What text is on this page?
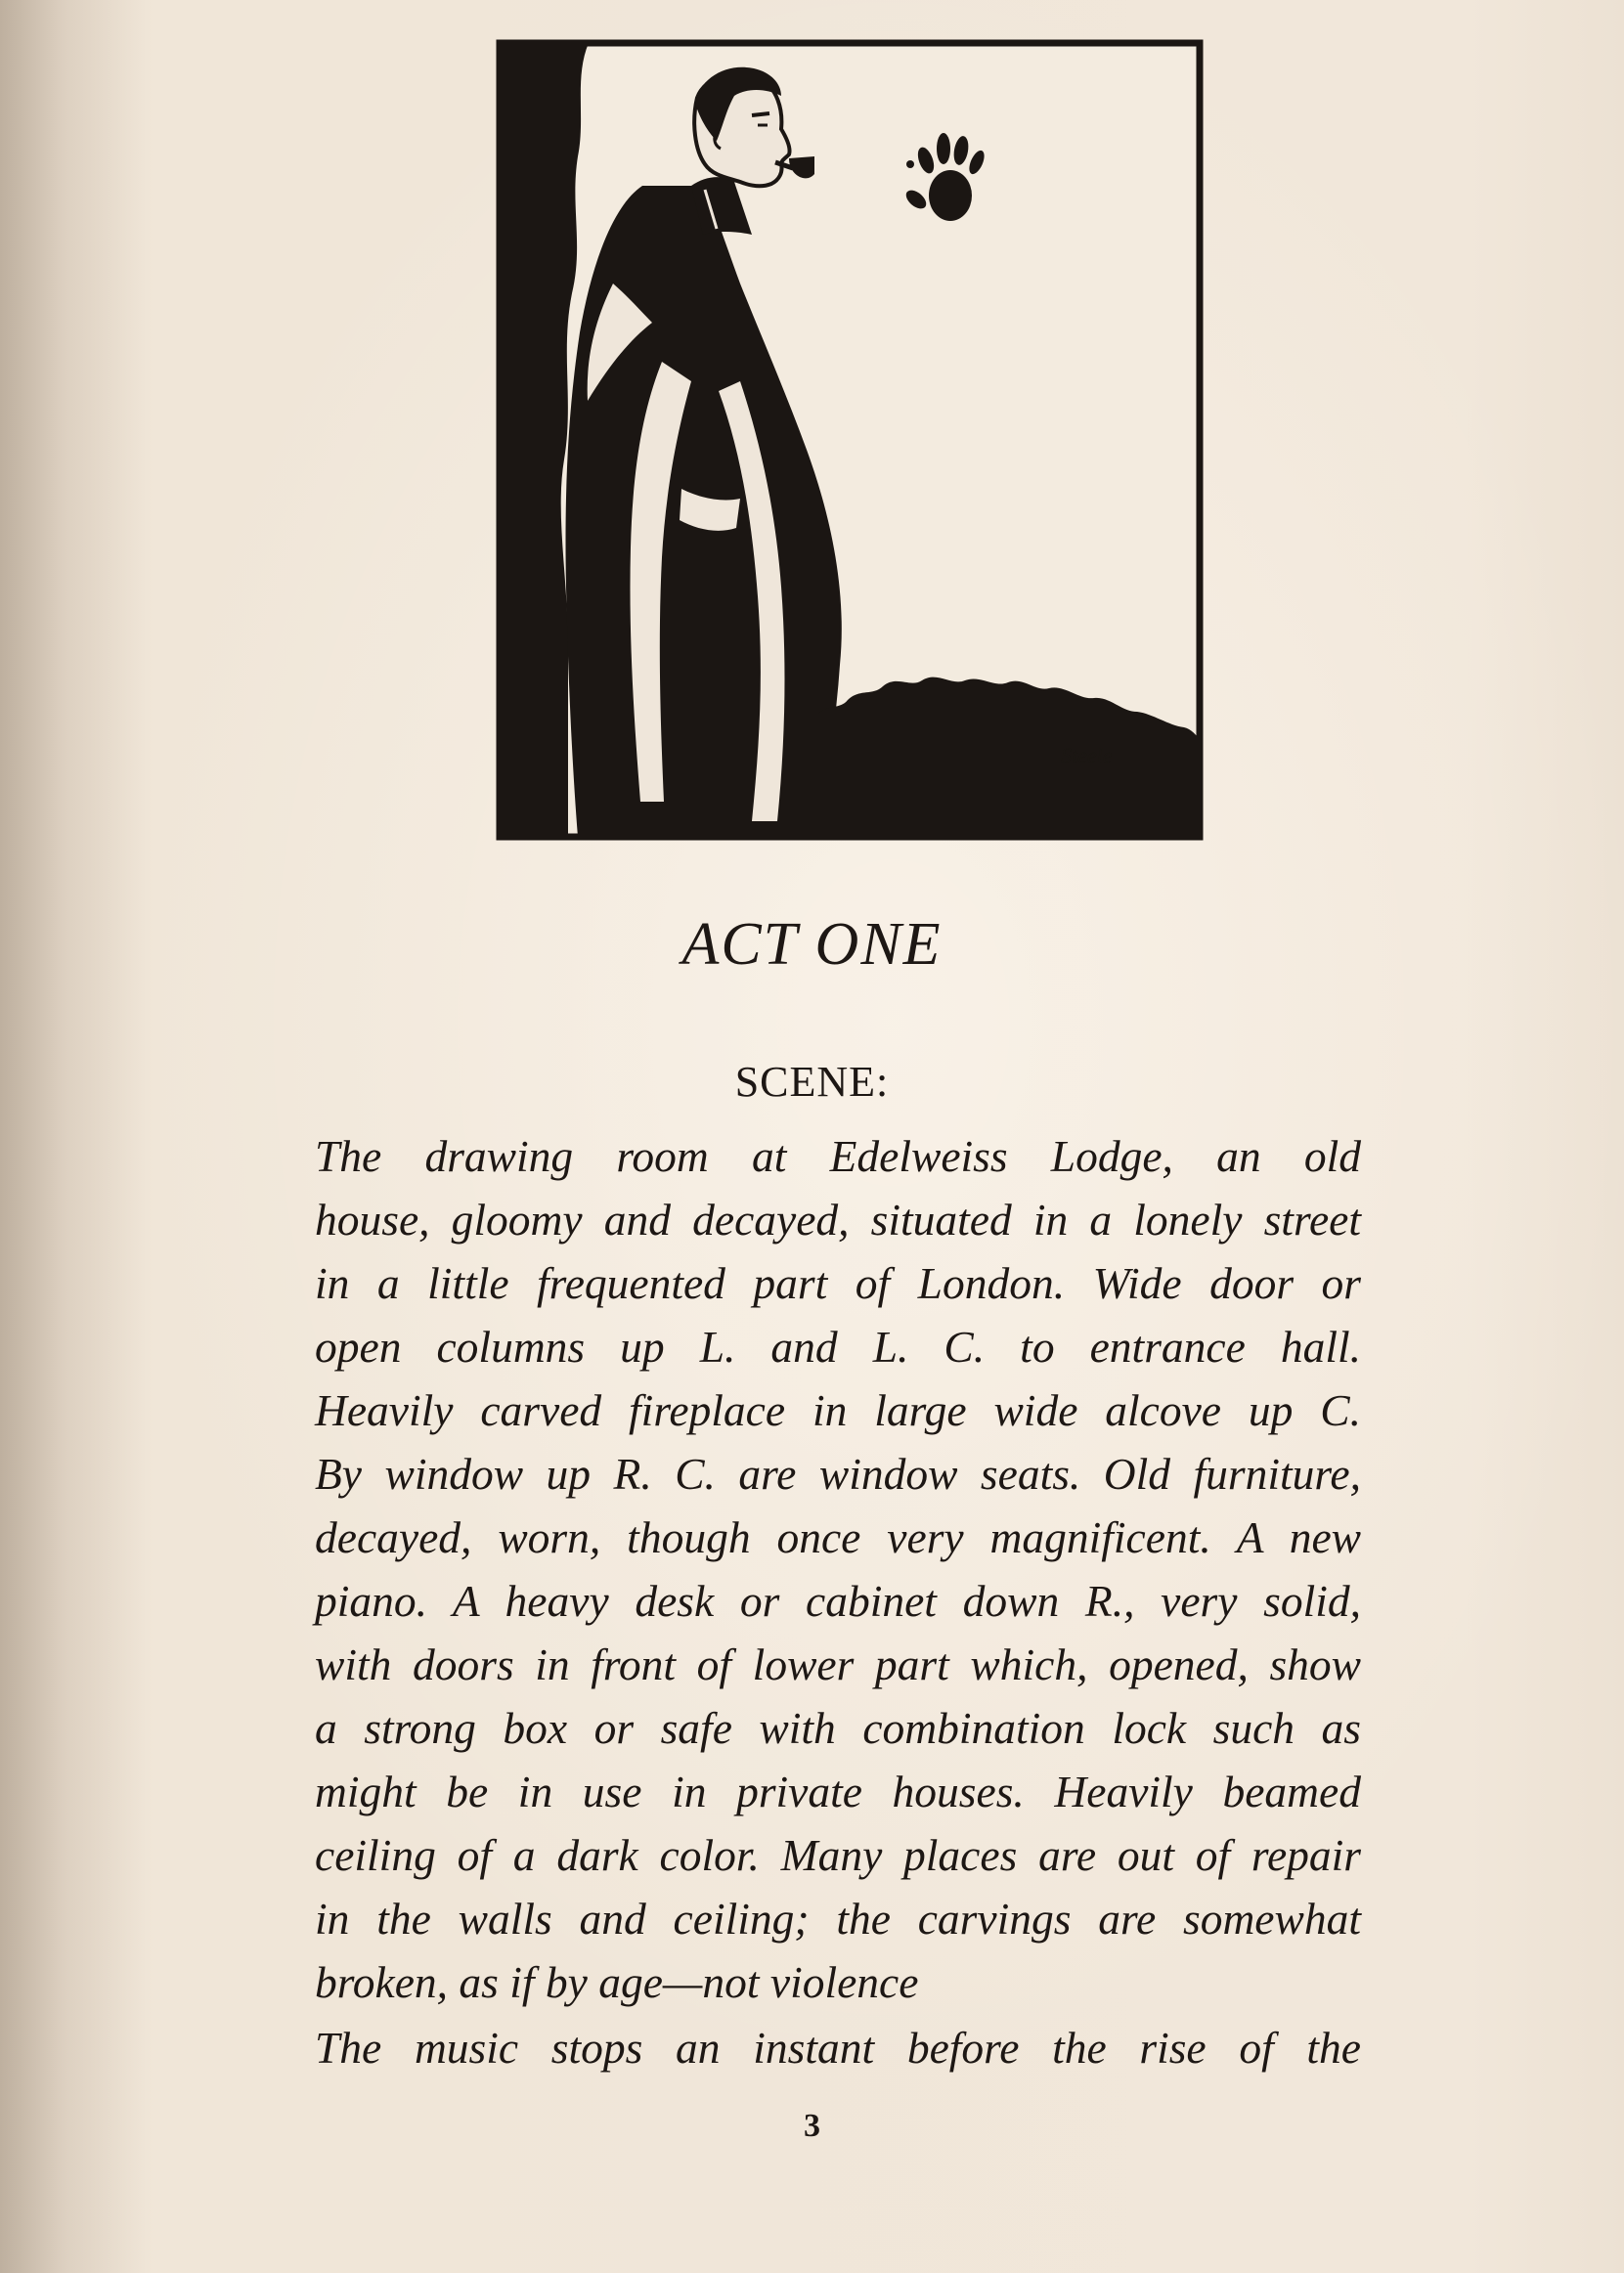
Steele
ACT ONE
SCENE:
The drawing room at Edelweiss Lodge, an old
house, gloomy and decayed, situated in a lonely street
in a little frequented part of London. Wide door or
open columns up L. and L. C. to entrance hall.
Heavily carved fireplace in large wide alcove up C.
By window up R. C. are window seats. Old furniture,
decayed, worn, though once very magnificent. A new
piano. A heavy desk or cabinet down R., very solid,
with doors in front of lower part which, opened, show
a strong box or safe with combination lock such as
might be in use in private houses. Heavily beamed
ceiling of a dark color. Many places are out of repair
in the walls and ceiling; the carvings are somewhat
broken, as if by age—not violence
The music stops an instant before the rise of the
3
